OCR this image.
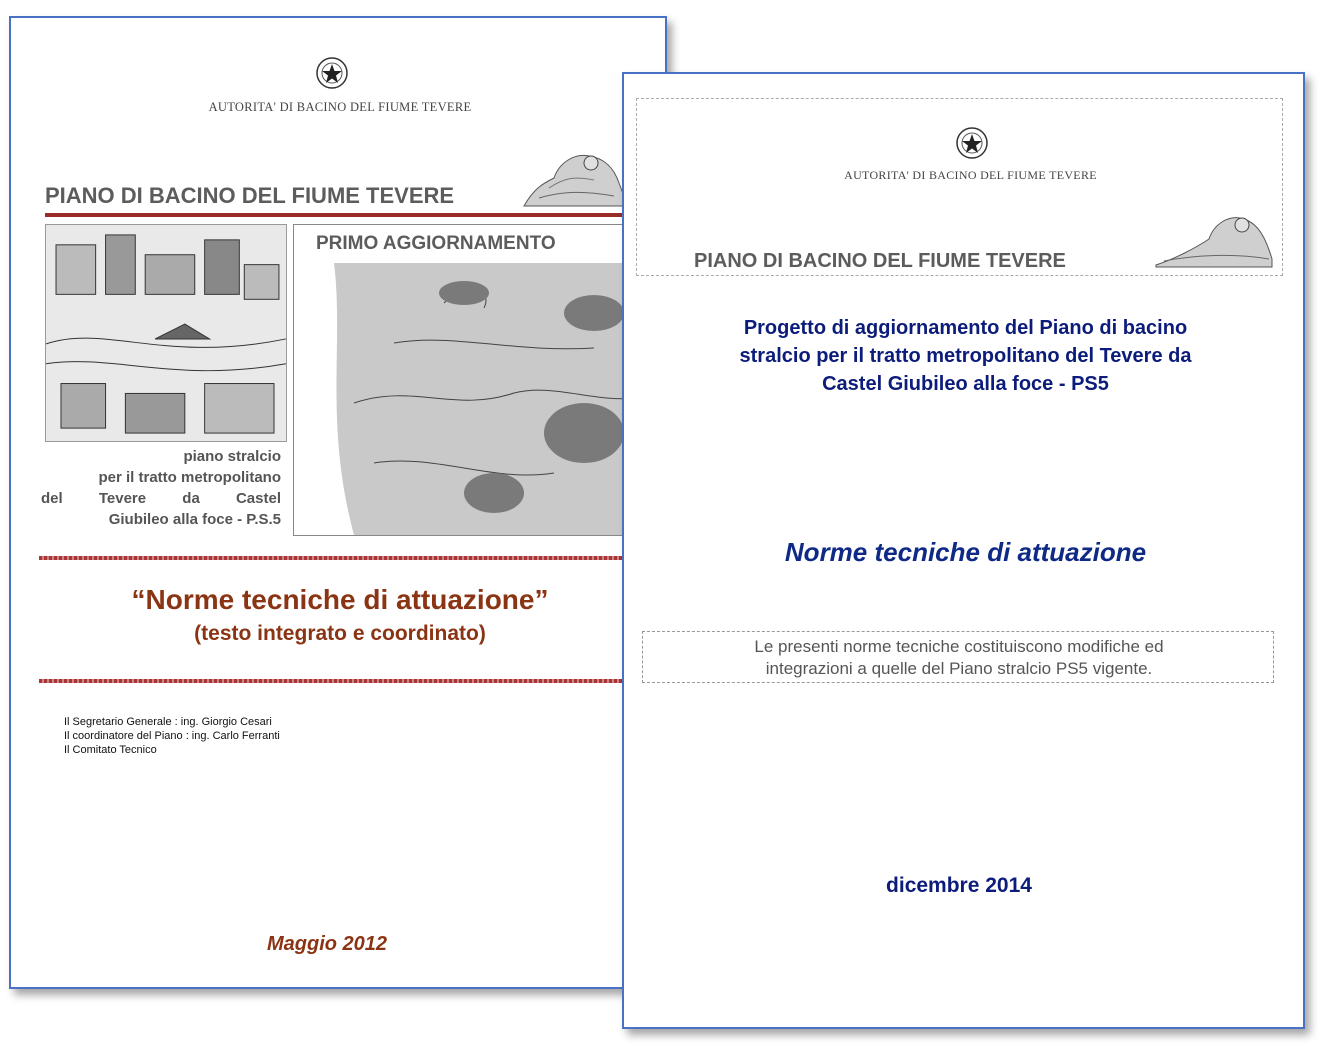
AUTORITA' DI BACINO DEL FIUME TEVERE
PIANO DI BACINO DEL FIUME TEVERE
PRIMO AGGIORNAMENTO
piano stralcio
per il tratto metropolitano
del Tevere da Castel
Giubileo alla foce - P.S.5
“Norme tecniche di attuazione”
(testo integrato e coordinato)
Il Segretario Generale : ing. Giorgio Cesari
Il coordinatore del Piano : ing. Carlo Ferranti
Il Comitato Tecnico
Maggio 2012
AUTORITA' DI BACINO DEL FIUME TEVERE
PIANO DI BACINO DEL FIUME TEVERE
Progetto di aggiornamento del Piano di bacino
stralcio per il tratto metropolitano del Tevere da
Castel Giubileo alla foce - PS5
Norme tecniche di attuazione
Le presenti norme tecniche costituiscono modifiche ed
integrazioni a quelle del Piano stralcio PS5 vigente.
dicembre 2014
